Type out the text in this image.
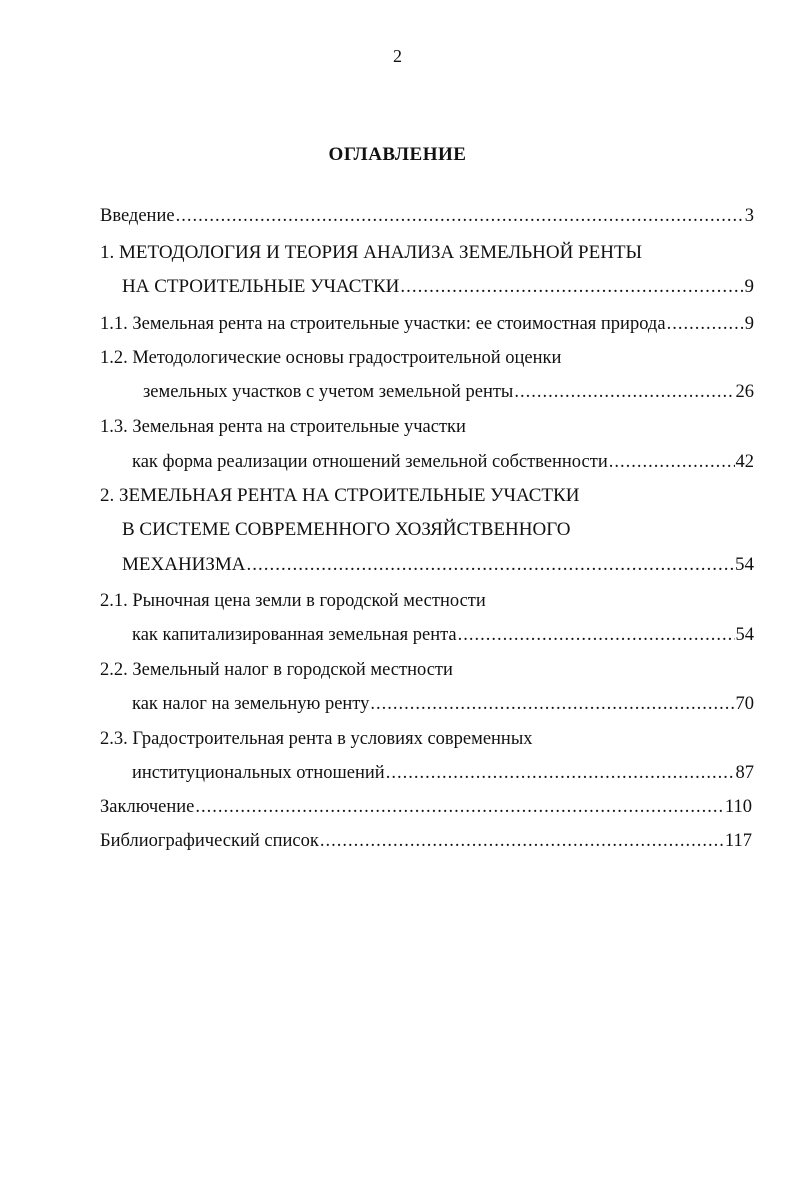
2
ОГЛАВЛЕНИЕ
Введение .....	3
1. МЕТОДОЛОГИЯ И ТЕОРИЯ АНАЛИЗА ЗЕМЕЛЬНОЙ РЕНТЫ
НА СТРОИТЕЛЬНЫЕ УЧАСТКИ .....	9
1.1. Земельная рента на строительные участки: ее стоимостная природа .....	9
1.2. Методологические основы градостроительной оценки
земельных участков с учетом земельной ренты .....	26
1.3. Земельная рента на строительные участки
как форма реализации отношений земельной собственности .....	42
2. ЗЕМЕЛЬНАЯ РЕНТА НА СТРОИТЕЛЬНЫЕ УЧАСТКИ
В СИСТЕМЕ СОВРЕМЕННОГО ХОЗЯЙСТВЕННОГО
МЕХАНИЗМА .....	54
2.1. Рыночная цена земли в городской местности
как капитализированная земельная рента .....	54
2.2. Земельный налог в городской местности
как налог на земельную ренту .....	70
2.3. Градостроительная рента в условиях современных
институциональных отношений .....	87
Заключение .....	110
Библиографический список .....	117
